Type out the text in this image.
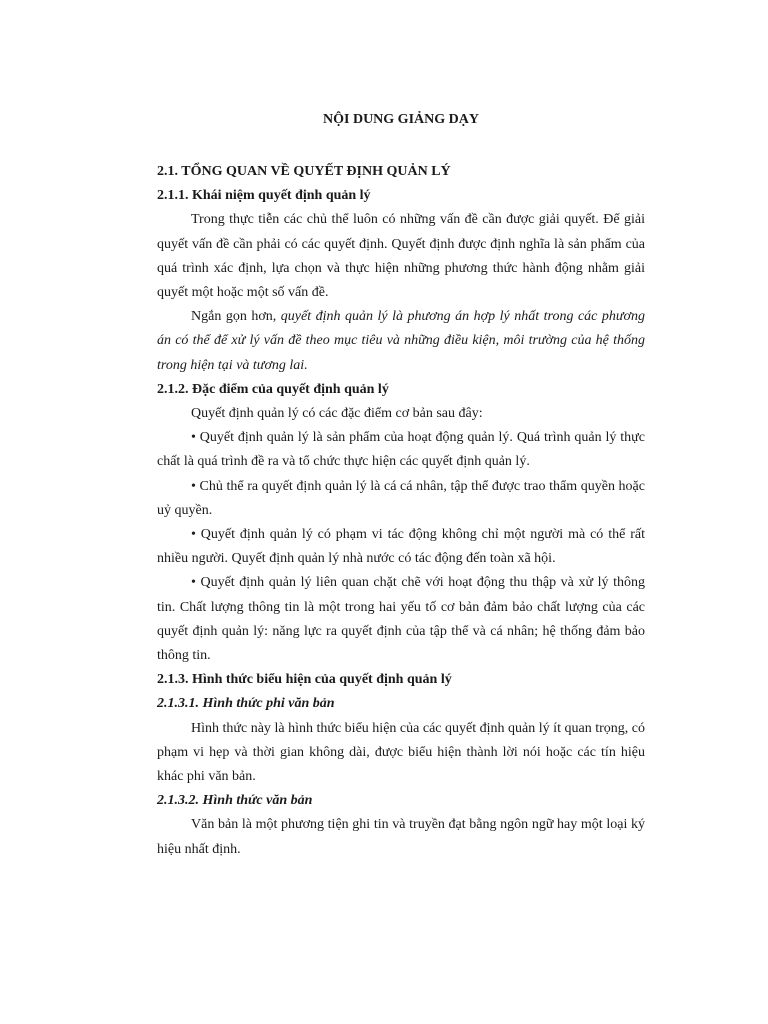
NỘI DUNG GIẢNG DẠY
2.1. TỔNG QUAN VỀ QUYẾT ĐỊNH QUẢN LÝ
2.1.1. Khái niệm quyết định quản lý

Trong thực tiễn các chủ thể luôn có những vấn đề cần được giải quyết. Để giải quyết vấn đề cần phải có các quyết định. Quyết định được định nghĩa là sản phẩm của quá trình xác định, lựa chọn và thực hiện những phương thức hành động nhằm giải quyết một hoặc một số vấn đề.

Ngắn gọn hơn, quyết định quản lý là phương án hợp lý nhất trong các phương án có thể để xử lý vấn đề theo mục tiêu và những điều kiện, môi trường của hệ thống trong hiện tại và tương lai.

2.1.2. Đặc điểm của quyết định quản lý

Quyết định quản lý có các đặc điểm cơ bản sau đây:

• Quyết định quản lý là sản phẩm của hoạt động quản lý. Quá trình quản lý thực chất là quá trình đề ra và tổ chức thực hiện các quyết định quản lý.

• Chủ thể ra quyết định quản lý là cá cá nhân, tập thể được trao thẩm quyền hoặc uỷ quyền.

• Quyết định quản lý có phạm vi tác động không chỉ một người mà có thể rất nhiều người. Quyết định quản lý nhà nước có tác động đến toàn xã hội.

• Quyết định quản lý liên quan chặt chẽ với hoạt động thu thập và xử lý thông tin. Chất lượng thông tin là một trong hai yếu tố cơ bản đảm bảo chất lượng của các quyết định quản lý: năng lực ra quyết định của tập thể và cá nhân; hệ thống đảm bảo thông tin.

2.1.3. Hình thức biểu hiện của quyết định quản lý
2.1.3.1. Hình thức phi văn bản

Hình thức này là hình thức biểu hiện của các quyết định quản lý ít quan trọng, có phạm vi hẹp và thời gian không dài, được biểu hiện thành lời nói hoặc các tín hiệu khác phi văn bản.

2.1.3.2. Hình thức văn bản

Văn bản là một phương tiện ghi tin và truyền đạt bằng ngôn ngữ hay một loại ký hiệu nhất định.
